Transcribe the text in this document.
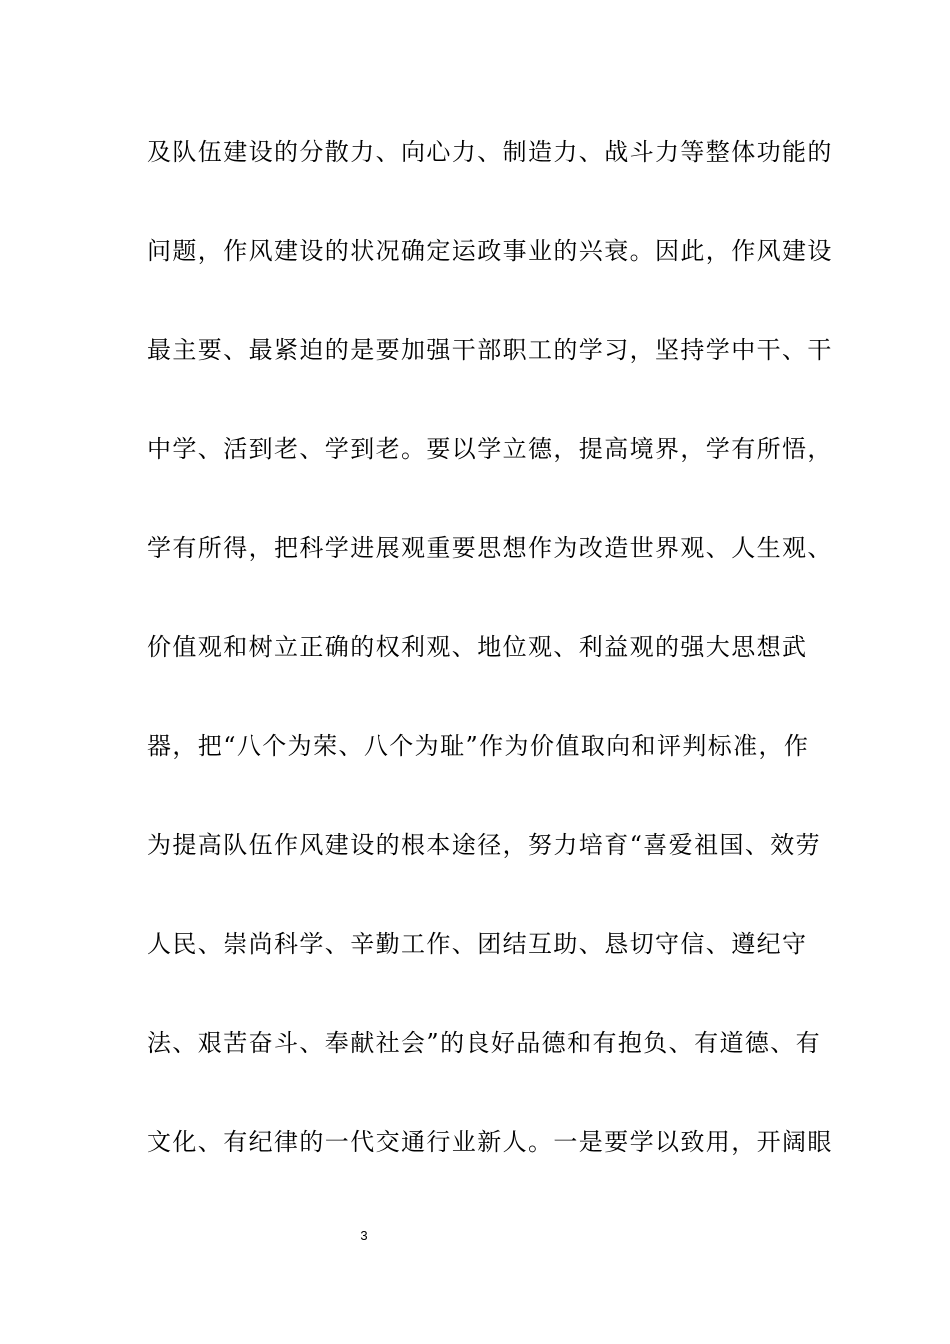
及队伍建设的分散力、向心力、制造力、战斗力等整体功能的
问题，作风建设的状况确定运政事业的兴衰。因此，作风建设
最主要、最紧迫的是要加强干部职工的学习，坚持学中干、干
中学、活到老、学到老。要以学立德，提高境界，学有所悟，
学有所得，把科学进展观重要思想作为改造世界观、人生观、
价值观和树立正确的权利观、地位观、利益观的强大思想武
器，把“八个为荣、八个为耻”作为价值取向和评判标准，作
为提高队伍作风建设的根本途径，努力培育“喜爱祖国、效劳
人民、崇尚科学、辛勤工作、团结互助、恳切守信、遵纪守
法、艰苦奋斗、奉献社会”的良好品德和有抱负、有道德、有
文化、有纪律的一代交通行业新人。一是要学以致用，开阔眼
3
